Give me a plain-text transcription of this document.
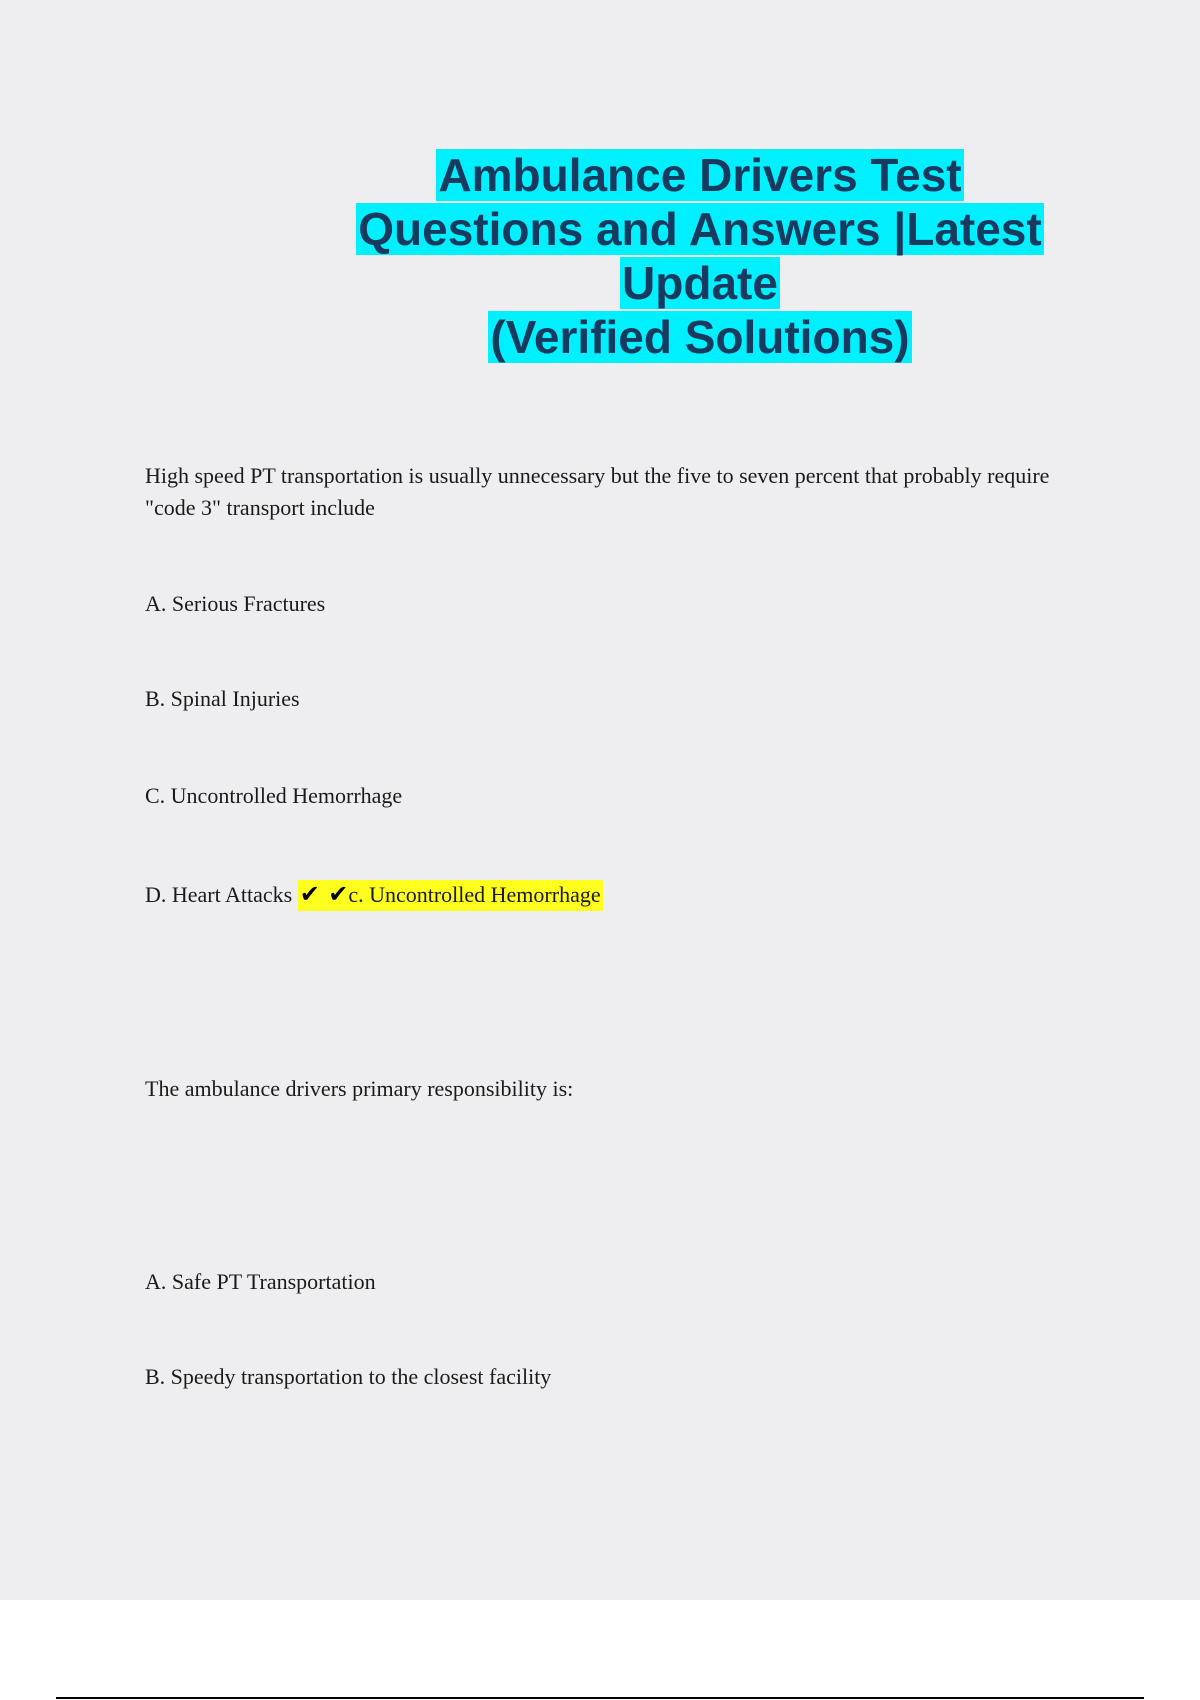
Ambulance Drivers Test
Questions and Answers |Latest
Update
(Verified Solutions)
High speed PT transportation is usually unnecessary but the five to seven percent that probably require "code 3" transport include
A. Serious Fractures
B. Spinal Injuries
C. Uncontrolled Hemorrhage
D. Heart Attacks ✔ ✔c. Uncontrolled Hemorrhage
The ambulance drivers primary responsibility is:
A. Safe PT Transportation
B. Speedy transportation to the closest facility
